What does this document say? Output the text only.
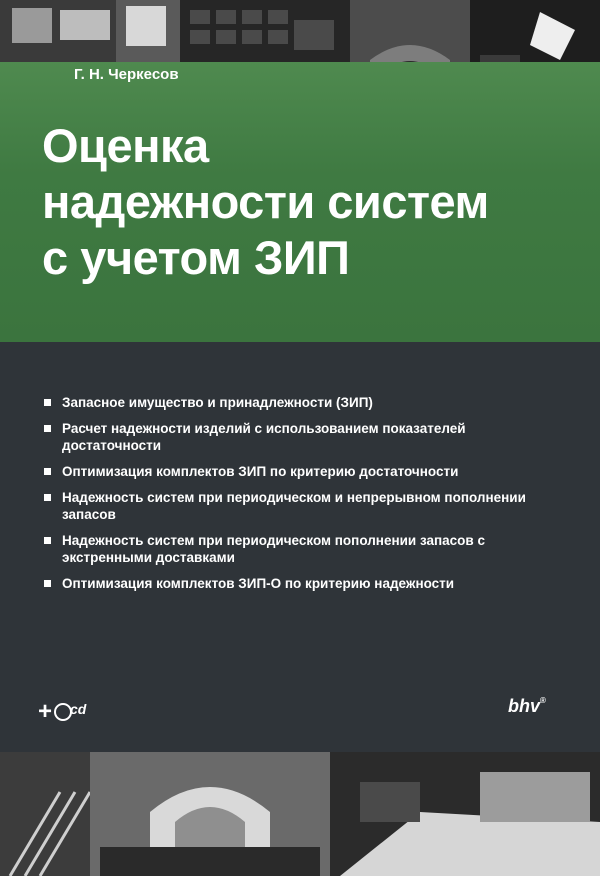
Г. Н. Черкесов
Оценка
надежности систем
с учетом ЗИП
Запасное имущество и принадлежности (ЗИП)
Расчет надежности изделий с использованием показателей достаточности
Оптимизация комплектов ЗИП по критерию достаточности
Надежность систем при периодическом и непрерывном пополнении запасов
Надежность систем при периодическом пополнении запасов с экстренными доставками
Оптимизация комплектов ЗИП-О по критерию надежности
+ $^{cd}$	bhv®
